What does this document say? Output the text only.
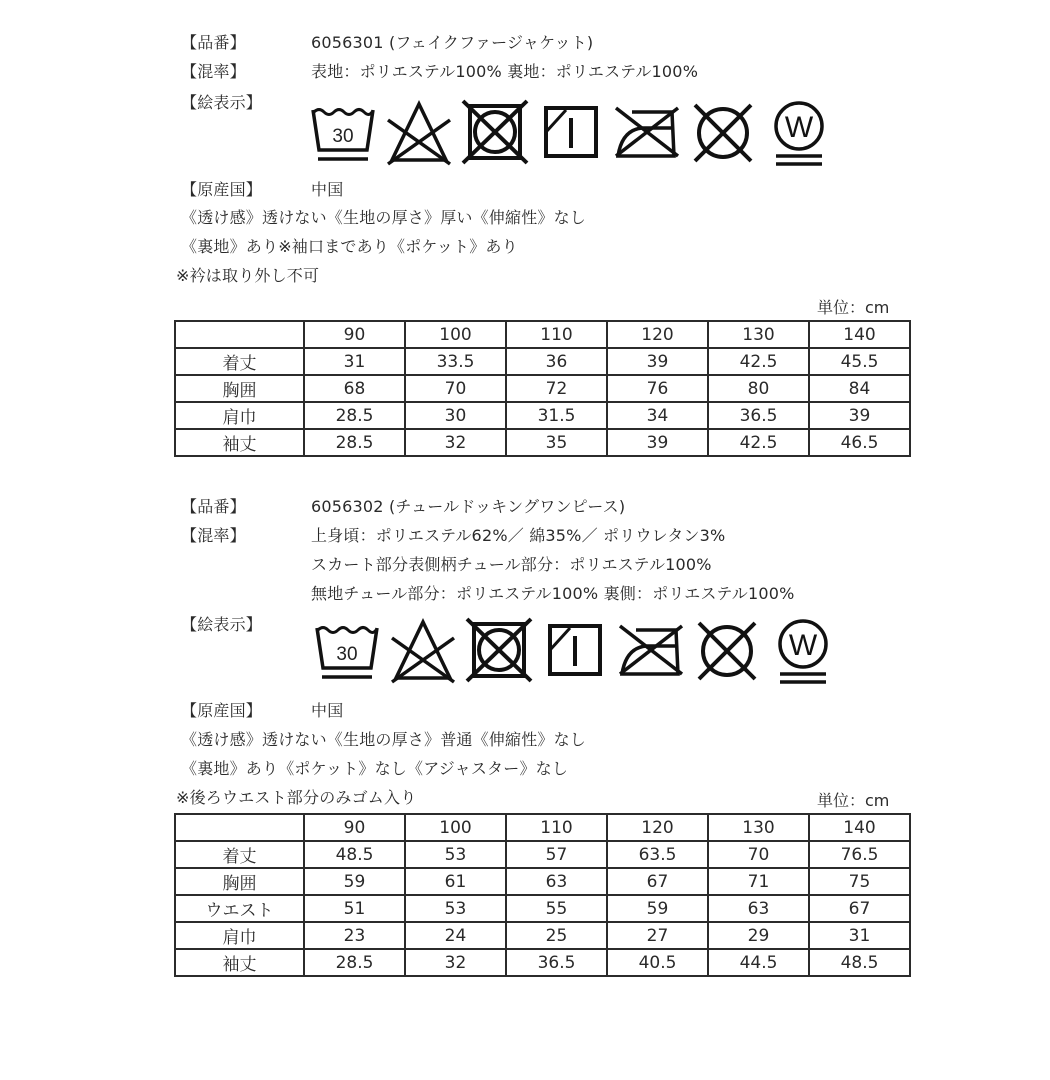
【品番】	6056301 (フェイクファージャケット)
【混率】	表地：ポリエステル100% 裏地：ポリエステル100%
【絵表示】
30	W
【原産国】	中国
《透け感》透けない《生地の厚さ》厚い《伸縮性》なし
《裏地》あり※袖口まであり《ポケット》あり
※衿は取り外し不可
単位：cm
	90	100	110	120	130	140
着丈	31	33.5	36	39	42.5	45.5
胸囲	68	70	72	76	80	84
肩巾	28.5	30	31.5	34	36.5	39
袖丈	28.5	32	35	39	42.5	46.5
【品番】	6056302 (チュールドッキングワンピース)
【混率】	上身頃：ポリエステル62%／ 綿35%／ ポリウレタン3%
スカート部分表側柄チュール部分：ポリエステル100%
無地チュール部分：ポリエステル100% 裏側：ポリエステル100%
【絵表示】
30	W
【原産国】	中国
《透け感》透けない《生地の厚さ》普通《伸縮性》なし
《裏地》あり《ポケット》なし《アジャスター》なし
※後ろウエスト部分のみゴム入り	単位：cm
	90	100	110	120	130	140
着丈	48.5	53	57	63.5	70	76.5
胸囲	59	61	63	67	71	75
ウエスト	51	53	55	59	63	67
肩巾	23	24	25	27	29	31
袖丈	28.5	32	36.5	40.5	44.5	48.5
